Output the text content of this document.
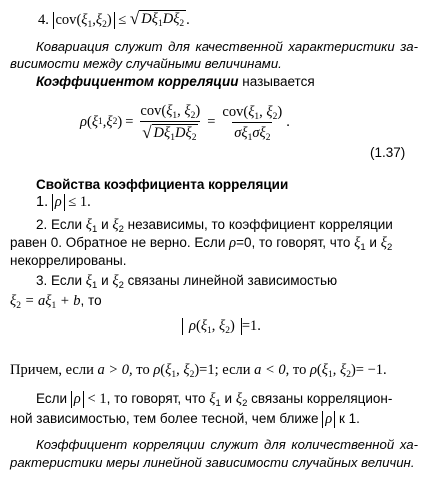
4. $cov(\xi_1,\xi_2)$ ≤ √ $D\xi_1D\xi_2$ .
Ковариация служит для качественной характеристики за-
висимости между случайными величинами.
Коэффициентом корреляции называется
ρ ( ξ 1 , ξ 2 ) = $\frac{cov(\xi_1, \xi_2)}{√ D\xi_1D\xi_2} = \frac{cov(\xi_1, \xi_2)}{\sigma\xi_1\sigma\xi_2}$ .
(1.37)
Свойства коэффициента корреляции
1. ρ ≤ 1.
2. Если $\xi_1$ и $\xi_2$ независимы, то коэффициент корреляции
равен 0. Обратное не верно. Если ρ=0, то говорят, что $\xi_1$ и $\xi_2$
некоррелированы.
3. Если $\xi_1$ и $\xi_2$ связаны линейной зависимостью
$\xi_2 = a\xi_1 + b$, то
$\rho(\xi_1$, $\xi_2) =1$.
Причем, если a > 0, то $\rho(\xi_1$, $\xi_2)=1$; если a < 0, то $\rho(\xi_1$, $\xi_2)= -1$.
Если ρ < 1, то говорят, что $\xi_1$ и $\xi_2$ связаны корреляцион-
ной зависимостью, тем более тесной, чем ближе ρ к 1.
Коэффициент корреляции служит для количественной ха-
рактеристики меры линейной зависимости случайных величин.
